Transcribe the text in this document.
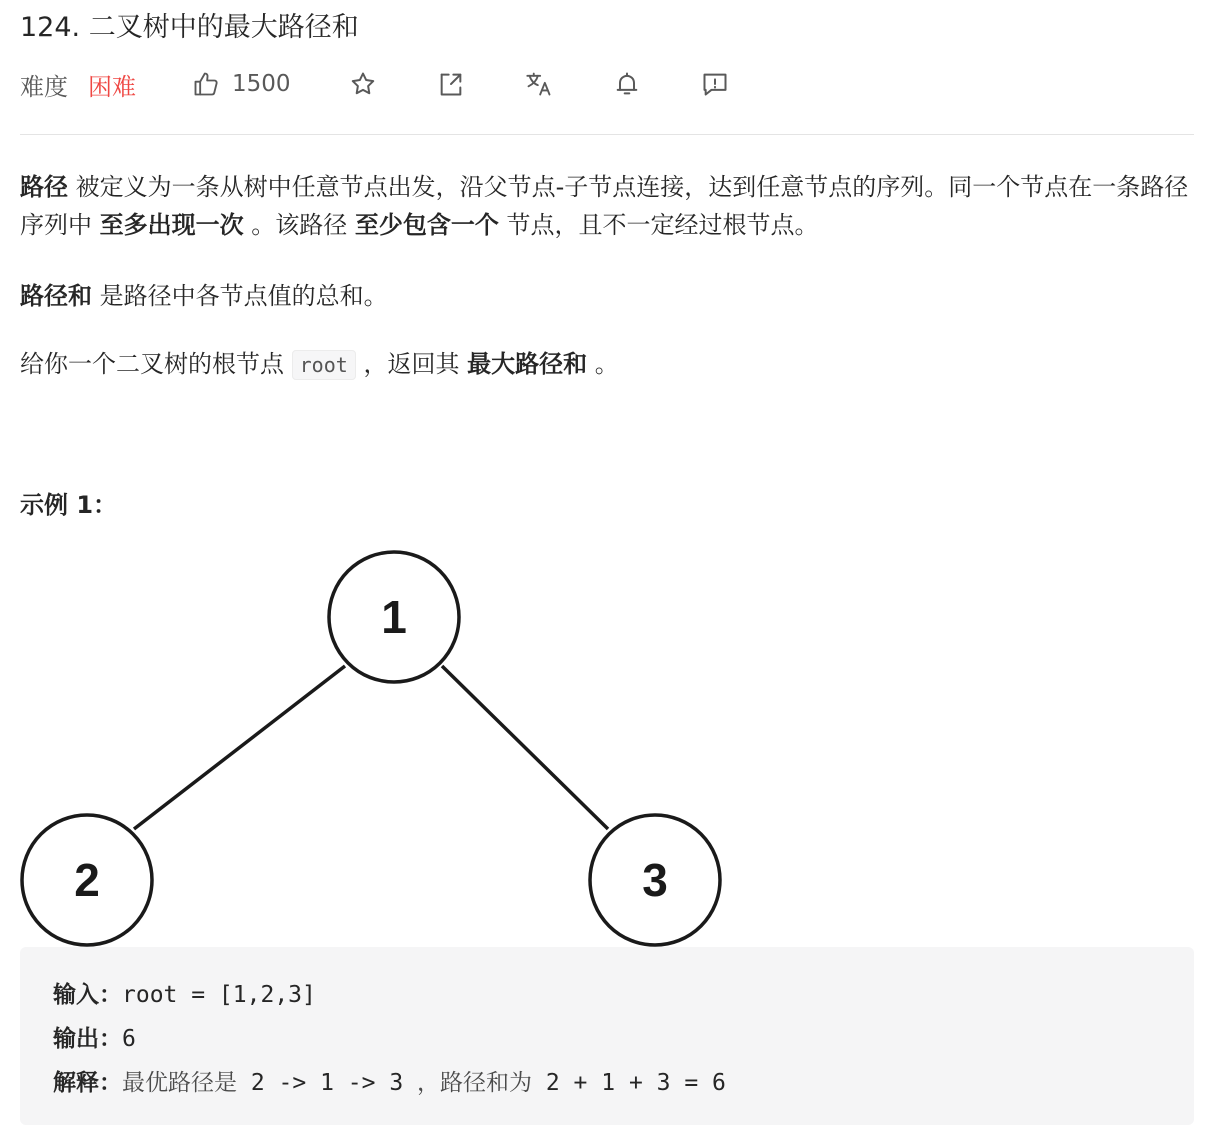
124. 二叉树中的最大路径和
难度 困难	1500

路径 被定义为一条从树中任意节点出发，沿父节点-子节点连接，达到任意节点的序列。同一个节点在一条路径序列中 至多出现一次 。该路径 至少包含一个 节点，且不一定经过根节点。

路径和 是路径中各节点值的总和。

给你一个二叉树的根节点 root ，返回其 最大路径和 。

示例 1：

1
2	3
输入：root = [1,2,3]
输出：6
解释：最优路径是 2 -> 1 -> 3 ，路径和为 2 + 1 + 3 = 6
